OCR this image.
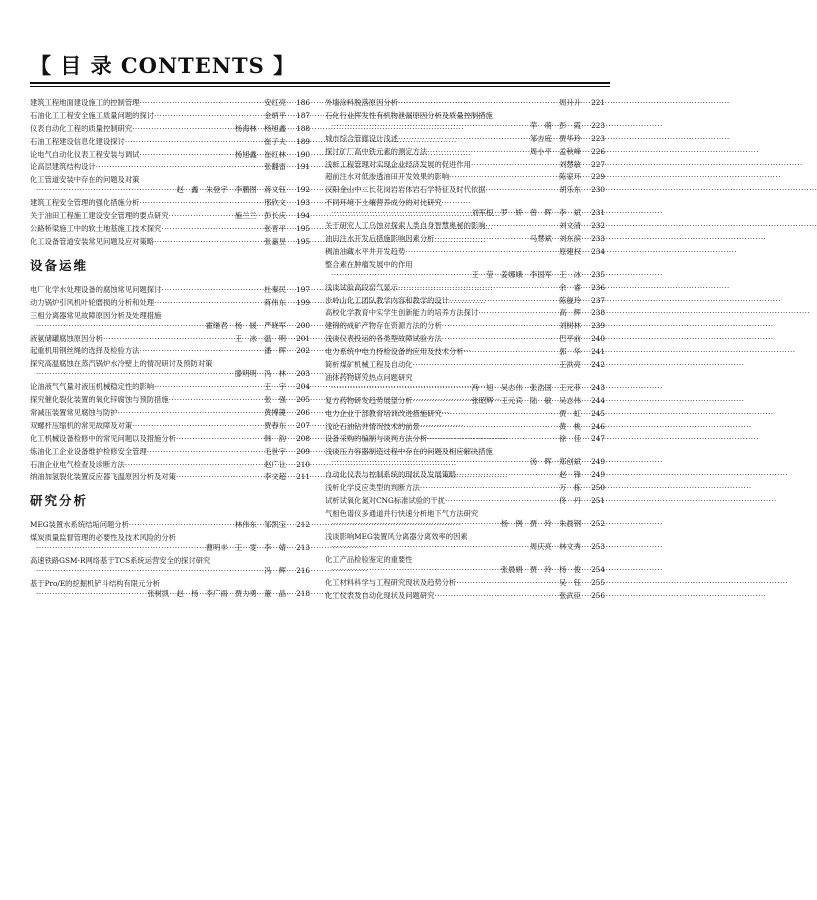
【 目 录 CONTENTS 】
建筑工程地面建设施工的控制管理 ·····	安红亮	186
石油化工工程安全施工质量问题的探讨 ·····	金炳平	187
仪表自动化工程的质量控制研究 ·····	杨海林　杨旭鑫	188
石油工程建设信息化建设探讨 ·····	崔子夫	189
论电气自动化仪表工程安装与调试 ·····	杨旭鑫　崔红林	190
论高层建筑结构设计 ·····	张翻雷	191
化工管道安装中存在的问题及对策
·····
赵　鑫　朱登宇　李鹏图　蒋文钰	192
建筑工程安全管理的强化措施分析 ·····	邢欣文	193
关于油田工程施工建设安全管理的要点研究 ·····	施兰兰　彭长庆	194
公路桥梁施工中的软土地基施工技术探究 ·····	张晋平	195
化工设备管道安装常见问题及应对策略 ·····	张嘉昱	195
设备运维
电厂化学水处理设备的腐蚀常见问题探讨 ·····	杜秦民	197
动力锅炉引风机叶轮磨损的分析和处理 ·····	蒋伟东	199
三相分离器常见故障原因分析及处理措施
·····
霍继君　杨　媛　严晓军	200
液氨储罐腐蚀原因分析 ·····	王　冰　温　明	201
起重机用钢丝绳的选择及检验方法 ·····	潘　晖	202
探究高温腐蚀在蒸汽锅炉水冷壁上的情况研讨及预防对策
·····
滕明明　冯　林	203
论油液气气量对液压机械稳定性的影响 ·····	王　宇	204
探究催化裂化装置的氧化锌腐蚀与预防措施 ·····	张　强	205
常减压装置常见腐蚀与防护 ·····	黄博篪	206
双螺杆压缩机的常见故障及对策 ·····	贾春东	207
化工机械设备检修中的常见问题以及措施分析 ·····	韩　韵	208
炼油化工企业设备维护检修安全管理 ·····	毛世宇	209
石油企业电气检查及诊断方法 ·····	赵广让	210
纳油加氢裂化装置反应器飞温原因分析及对策 ·····	李文超	211
研究分析
MEG装置水系统结垢问题分析 ·····	林伟东　邹凯宝	212
煤炭质量监督管理的必要性及技术风险的分析
·····
曹明丰　王　雯　李　婧	213
高速铁路GSM-R网络基于TCS系统运营安全的探讨研究
·····
冯　辉	216
基于Pro/E的挖掘机铲斗结构有限元分析
·····
张树凯　赵　杨　李广雨　贾力勇　董　晶	218
外墙涂料脱落原因分析 ·····	周升升	221
石化行业挥发性有机物泄漏原因分析及质量控制措施
·····
苹　萌　彭　霞	223
城市综合管廊设计浅述 ·····	邹吉庭　贾华玲	223
探讨矿厂高中铁元素的测定方法 ·····	周小平　孟秋峰	226
浅析工程管理对实现企业经济发展的促进作用 ·····	刘慧敏	227
超前注水对低渗透油田开发效果的影响 ·····	陈家环	229
汉阳金山中二长花岗岩岩体岩石学特征及时代依据 ·····	胡乐东	230
不同环境下土壤营养成分的对比研究
·····
刘军根　罗　娇　曾　晖　李　斌	231
关于研究人工乌蚀对探索人类自身智慧奥秘的影响 ·····	刘文清	232
油田注水开发后措施影响因素分析 ·····	马慧斌　刘东滨	233
稠油油藏水平井开发趋势 ·····	原建权	234
整合素在肿瘤发展中的作用
·····
王　莹　姜娜娥　李国军　王　冰	235
浅谈试验高段窑气显示 ·····	余　睿	236
步岭山化工团队教学内容和教学的设计 ·····	陈舰玲	237
高校化学教育中实学生创新能力的培养方法探讨 ·····	高　辉	238
建锦的成矿产物存在资源方法的分析 ·····	刘树林	239
浅谈仪表投运的各类型故障试验方法 ·····	巴平前	240
电力系统中电力持检设备的应用及技术分析 ·····	郭　华	241
简析煤矿机械工程及自动化 ·····	王洪亮	242
油体药物研究热点问题研究
·····
冯　旭　吴志伟　张浩国　王元菲	243
复方药物研发趋势展望分析 ·····	张昭辉　王元宾　陆　敏　吴志伟	244
电力企业于部教育培训改进措施研究 ·····	贾　虹	245
浅论石油钻井情况技术的前景 ·····	黄　桃	246
设备采购的编制与谈判方法分析 ·····	徐　佳	247
浅谈压力容器制造过程中存在的问题及相应解决措施
·····
汤　晖　郑创斌	249
自动化仪表与控制系统的现状及发展策略 ·····	赵　锋	249
浅析化学反应类型的判断方法 ·····	万　栋	250
试析试氧化氮对CNG标准试验的干扰 ·····	佟　丹	251
气相色谱仪多通道并行快速分析地下气方法研究
·····
杨　例　贾　玲　朱晨钢	252
浅谈影响MEG装置风分离器分离效率的因素
·····
周庆亮　林文秀	253
化工产品检验鉴定的重要性
·····
张晨娟　贾　玲　杨　俊	254
化工材料科学与工程研究现状及趋势分析 ·····	吴　钰	255
化工仪表及自动化现状及问题研究 ·····	张武臣	256
